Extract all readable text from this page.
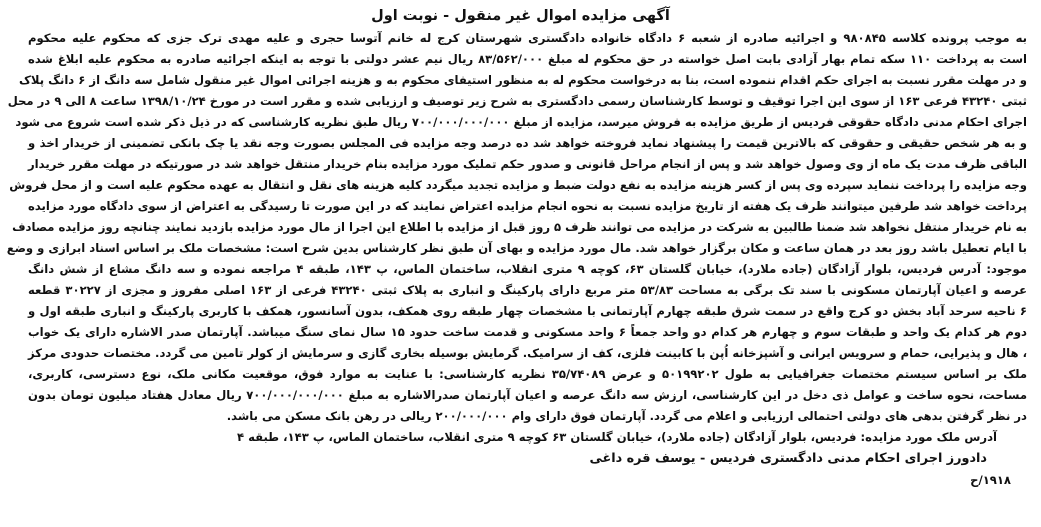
آگهی مزایده اموال غیر منقول - نوبت اول
به موجب پرونده کلاسه ۹۸۰۸۴۵ و اجرائیه صادره از شعبه ۶ دادگاه خانواده دادگستری شهرستان کرج له خانم آتوسا حجری و علیه مهدی ترک جزی که محکوم علیه محکوم
است به پرداخت ۱۱۰ سکه تمام بهار آزادی بابت اصل خواسته در حق محکوم له مبلغ ۸۳/۵۶۲/۰۰۰ ریال نیم عشر دولتی با توجه به اینکه اجرائیه صادره به محکوم علیه ابلاغ شده
و در مهلت مقرر نسبت به اجرای حکم اقدام ننموده است، بنا به درخواست محکوم له به منظور استیفای محکوم به و هزینه اجرائی اموال غیر منقول شامل سه دانگ از ۶ دانگ پلاک
ثبتی ۴۳۲۴۰ فرعی ۱۶۳ از سوی این اجرا توقیف و توسط کارشناسان رسمی دادگستری به شرح زیر توصیف و ارزیابی شده و مقرر است در مورخ ۱۳۹۸/۱۰/۲۴ ساعت ۸ الی ۹ در محل
اجرای احکام مدنی دادگاه حقوقی فردیس از طریق مزایده به فروش میرسد، مزایده از مبلغ ۷۰۰/۰۰۰/۰۰۰/۰۰۰ ریال طبق نظریه کارشناسی که در ذیل ذکر شده است شروع می شود
و به هر شخص حقیقی و حقوقی که بالاترین قیمت را پیشنهاد نماید فروخته خواهد شد ده درصد وجه مزایده فی المجلس بصورت وجه نقد یا چک بانکی تضمینی از خریدار اخذ و
الباقی ظرف مدت یک ماه از وی وصول خواهد شد و پس از انجام مراحل قانونی و صدور حکم تملیک مورد مزایده بنام خریدار منتقل خواهد شد در صورتیکه در مهلت مقرر خریدار
وجه مزایده را پرداخت ننماید سپرده وی پس از کسر هزینه مزایده به نفع دولت ضبط و مزایده تجدید میگردد کلیه هزینه های نقل و انتقال به عهده محکوم علیه است و از محل فروش
پرداخت خواهد شد طرفین میتوانند ظرف یک هفته از تاریخ مزایده نسبت به نحوه انجام مزایده اعتراض نمایند که در این صورت تا رسیدگی به اعتراض از سوی دادگاه مورد مزایده
به نام خریدار منتقل نخواهد شد ضمنا طالبین به شرکت در مزایده می توانند ظرف ۵ روز قبل از مزایده با اطلاع این اجرا از مال مورد مزایده بازدید نمایند چنانچه روز مزایده مصادف
با ایام تعطیل باشد روز بعد در همان ساعت و مکان برگزار خواهد شد. مال مورد مزایده و بهای آن طبق نظر کارشناس بدین شرح است: مشخصات ملک بر اساس اسناد ابرازی و وضع
موجود: آدرس فردیس، بلوار آزادگان (جاده ملارد)، خیابان گلستان ۶۳، کوچه ۹ متری انقلاب، ساختمان الماس، پ ۱۴۳، طبقه ۴ مراجعه نموده و سه دانگ مشاع از شش دانگ
عرصه و اعیان آپارتمان مسکونی با سند تک برگی به مساحت ۵۳/۸۳ متر مربع دارای پارکینگ و انباری به پلاک ثبتی ۴۳۲۴۰ فرعی از ۱۶۳ اصلی مفروز و مجزی از ۳۰۲۲۷ قطعه
۶ ناحیه سرحد آباد بخش دو کرج واقع در سمت شرق طبقه چهارم آپارتمانی با مشخصات چهار طبقه روی همکف، بدون آسانسور، همکف با کاربری پارکینگ و انباری طبقه اول و
دوم هر کدام یک واحد و طبقات سوم و چهارم هر کدام دو واحد جمعاً ۶ واحد مسکونی و قدمت ساخت حدود ۱۵ سال نمای سنگ میباشد. آپارتمان صدر الاشاره دارای یک خواب
، هال و پذیرایی، حمام و سرویس ایرانی و آشپزخانه اُپن با کابینت فلزی، کف از سرامیک. گرمایش بوسیله بخاری گازی و سرمایش از کولر تامین می گردد. مختصات حدودی مرکز
ملک بر اساس سیستم مختصات جغرافیایی به طول ۵۰۱۹۹۲۰۲ و عرض ۳۵/۷۴۰۸۹ نظریه کارشناسی: با عنایت به موارد فوق، موقعیت مکانی ملک، نوع دسترسی، کاربری،
مساحت، نحوه ساخت و عوامل ذی دخل در این کارشناسی، ارزش سه دانگ عرصه و اعیان آپارتمان صدرالاشاره به مبلغ ۷۰۰/۰۰۰/۰۰۰/۰۰۰ ریال معادل هفتاد میلیون تومان بدون
در نظر گرفتن بدهی های دولتی احتمالی ارزیابی و اعلام می گردد. آپارتمان فوق دارای وام ۲۰۰/۰۰۰/۰۰۰ ریالی در رهن بانک مسکن می باشد.
آدرس ملک مورد مزایده: فردیس، بلوار آزادگان (جاده ملارد)، خیابان گلستان ۶۳ کوچه ۹ متری انقلاب، ساختمان الماس، پ ۱۴۳، طبقه ۴
دادورز اجرای احکام مدنی دادگستری فردیس - یوسف قره داغی
۱۹۱۸/ح
